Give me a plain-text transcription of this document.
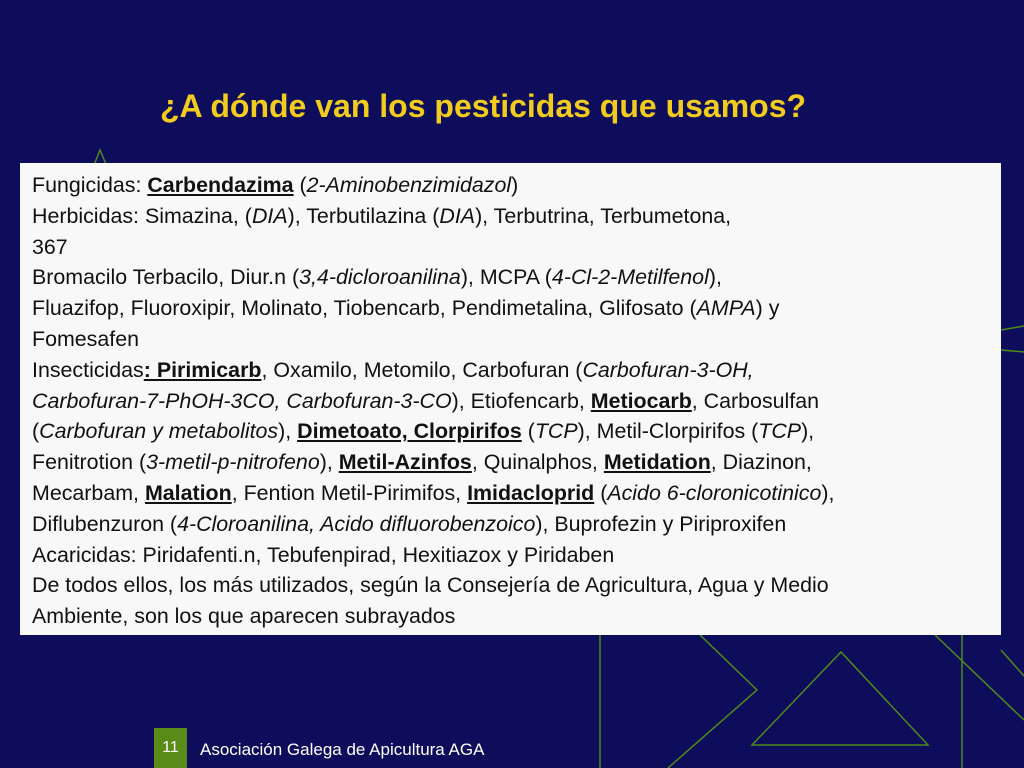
¿A dónde van los pesticidas que usamos?
Fungicidas: Carbendazima (2-Aminobenzimidazol)
Herbicidas: Simazina, (DIA), Terbutilazina (DIA), Terbutrina, Terbumetona,
367
Bromacilo Terbacilo, Diur.n (3,4-dicloroanilina), MCPA (4-Cl-2-Metilfenol),
Fluazifop, Fluoroxipir, Molinato, Tiobencarb, Pendimetalina, Glifosato (AMPA) y
Fomesafen
Insecticidas: Pirimicarb, Oxamilo, Metomilo, Carbofuran (Carbofuran-3-OH,
Carbofuran-7-PhOH-3CO, Carbofuran-3-CO), Etiofencarb, Metiocarb, Carbosulfan
(Carbofuran y metabolitos), Dimetoato, Clorpirifos (TCP), Metil-Clorpirifos (TCP),
Fenitrotion (3-metil-p-nitrofeno), Metil-Azinfos, Quinalphos, Metidation, Diazinon,
Mecarbam, Malation, Fention Metil-Pirimifos, Imidacloprid (Acido 6-cloronicotinico),
Diflubenzuron (4-Cloroanilina, Acido difluorobenzoico), Buprofezin y Piriproxifen
Acaricidas: Piridafenti.n, Tebufenpirad, Hexitiazox y Piridaben
De todos ellos, los más utilizados, según la Consejería de Agricultura, Agua y Medio
Ambiente, son los que aparecen subrayados
11	Asociación Galega de Apicultura AGA
